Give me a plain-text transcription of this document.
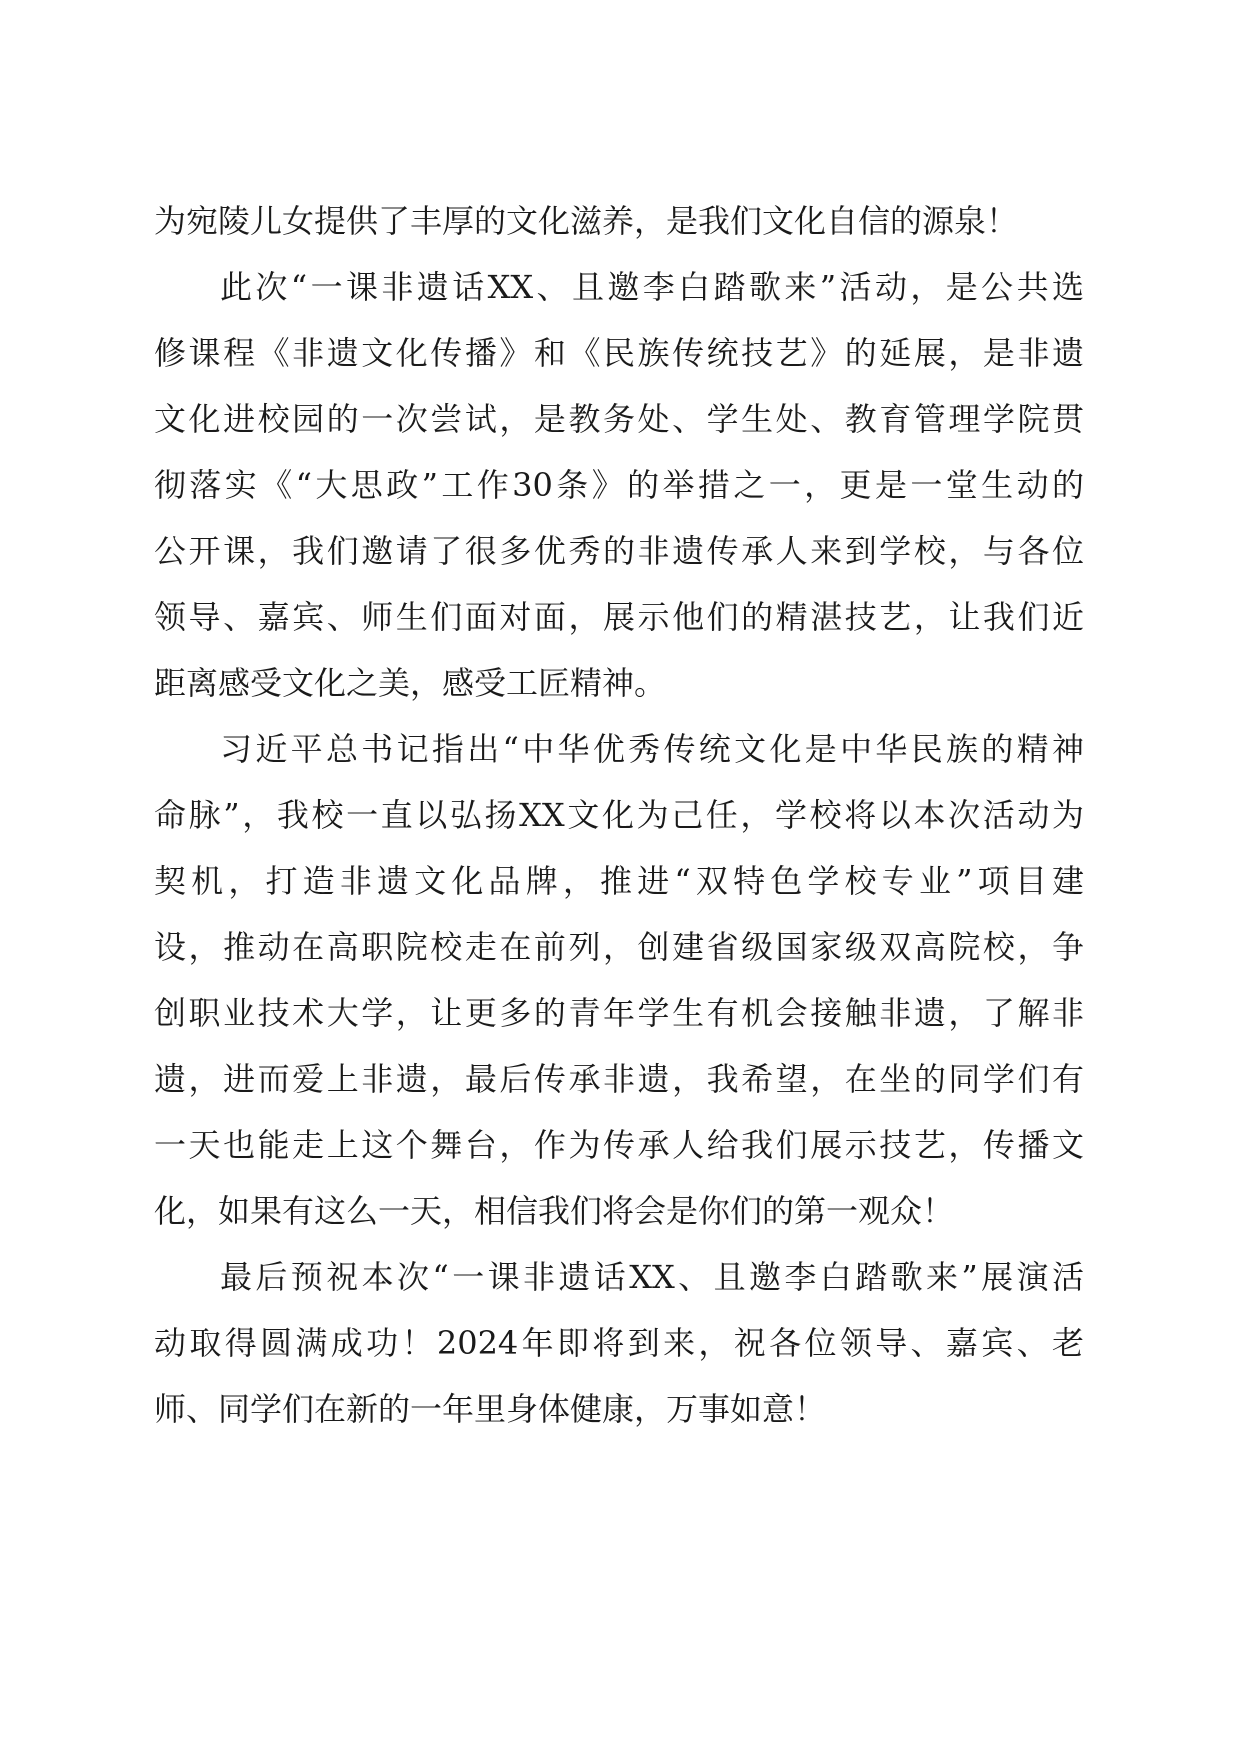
为宛陵儿女提供了丰厚的文化滋养，是我们文化自信的源泉！
此次“一课非遗话XX、且邀李白踏歌来”活动，是公共选
修课程《非遗文化传播》和《民族传统技艺》的延展，是非遗
文化进校园的一次尝试，是教务处、学生处、教育管理学院贯
彻落实《“大思政”工作30条》的举措之一，更是一堂生动的
公开课，我们邀请了很多优秀的非遗传承人来到学校，与各位
领导、嘉宾、师生们面对面，展示他们的精湛技艺，让我们近
距离感受文化之美，感受工匠精神。
习近平总书记指出“中华优秀传统文化是中华民族的精神
命脉”，我校一直以弘扬XX文化为己任，学校将以本次活动为
契机，打造非遗文化品牌，推进“双特色学校专业”项目建
设，推动在高职院校走在前列，创建省级国家级双高院校，争
创职业技术大学，让更多的青年学生有机会接触非遗，了解非
遗，进而爱上非遗，最后传承非遗，我希望，在坐的同学们有
一天也能走上这个舞台，作为传承人给我们展示技艺，传播文
化，如果有这么一天，相信我们将会是你们的第一观众！
最后预祝本次“一课非遗话XX、且邀李白踏歌来”展演活
动取得圆满成功！2024年即将到来，祝各位领导、嘉宾、老
师、同学们在新的一年里身体健康，万事如意！
